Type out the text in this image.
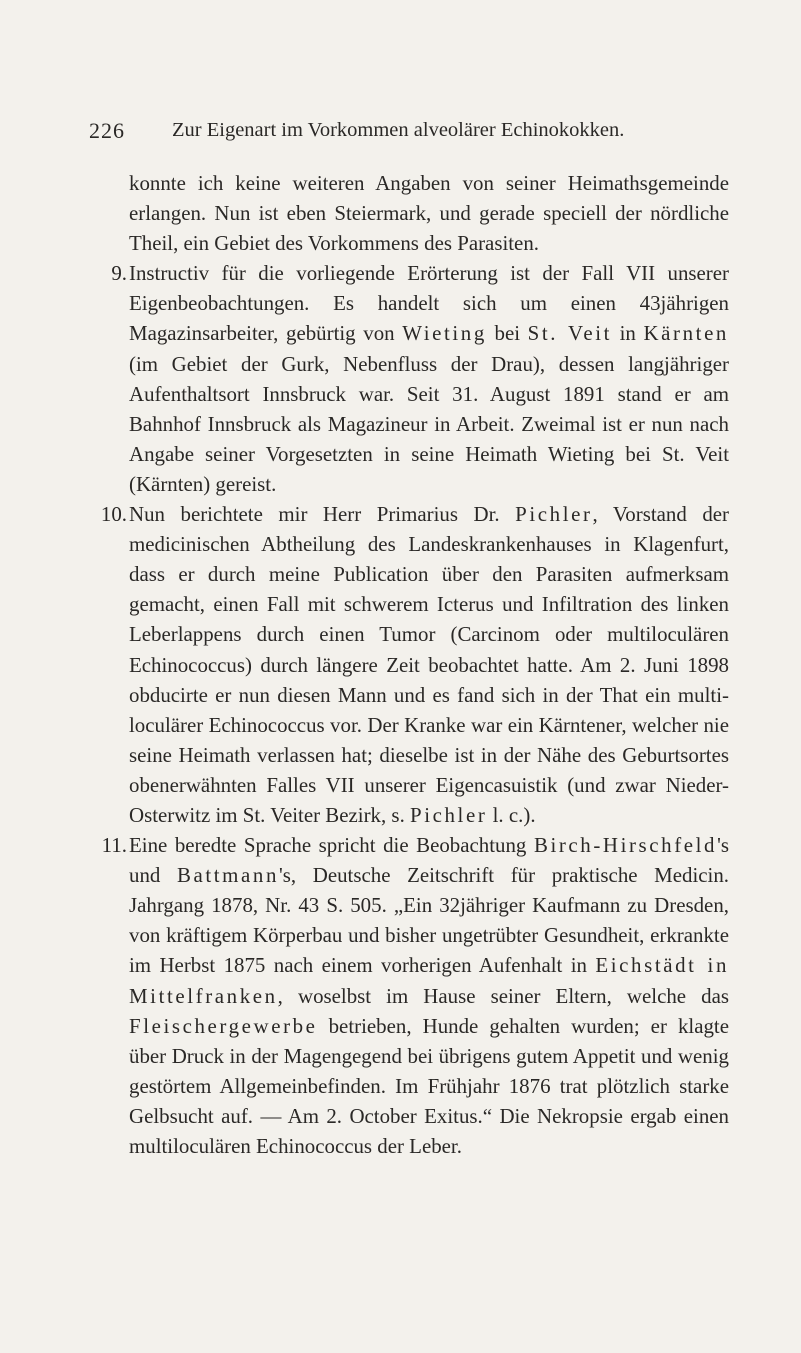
226 Zur Eigenart im Vorkommen alveolärer Echinokokken.

konnte ich keine weiteren Angaben von seiner Heimathsgemeinde erlangen. Nun ist eben Steiermark, und gerade speciell der nördliche Theil, ein Gebiet des Vorkommens des Parasiten.

9. Instructiv für die vorliegende Erörterung ist der Fall VII unserer Eigenbeobachtungen. Es handelt sich um einen 43jährigen Magazinsarbeiter, gebürtig von Wieting bei St. Veit in Kärnten (im Gebiet der Gurk, Nebenfluss der Drau), dessen langjähriger Aufenthaltsort Innsbruck war. Seit 31. August 1891 stand er am Bahnhof Innsbruck als Magazineur in Arbeit. Zweimal ist er nun nach Angabe seiner Vorgesetzten in seine Heimath Wieting bei St. Veit (Kärnten) gereist.

10. Nun berichtete mir Herr Primarius Dr. Pichler, Vorstand der medicinischen Abtheilung des Landeskrankenhauses in Klagenfurt, dass er durch meine Publication über den Parasiten aufmerksam gemacht, einen Fall mit schwerem Icterus und Infiltration des linken Leberlappens durch einen Tumor (Carcinom oder multiloculären Echinococcus) durch längere Zeit beobachtet hatte. Am 2. Juni 1898 obducirte er nun diesen Mann und es fand sich in der That ein multiloculärer Echinococcus vor. Der Kranke war ein Kärntener, welcher nie seine Heimath verlassen hat; dieselbe ist in der Nähe des Geburtsortes obenerwähnten Falles VII unserer Eigencasuistik (und zwar Nieder-Osterwitz im St. Veiter Bezirk, s. Pichler l. c.).

11. Eine beredte Sprache spricht die Beobachtung Birch-Hirschfeld's und Battmann's, Deutsche Zeitschrift für praktische Medicin. Jahrgang 1878, Nr. 43 S. 505. „Ein 32jähriger Kaufmann zu Dresden, von kräftigem Körperbau und bisher ungetrübter Gesundheit, erkrankte im Herbst 1875 nach einem vorherigen Aufenhalt in Eichstädt in Mittelfranken, woselbst im Hause seiner Eltern, welche das Fleischergewerbe betrieben, Hunde gehalten wurden; er klagte über Druck in der Magengegend bei übrigens gutem Appetit und wenig gestörtem Allgemeinbefinden. Im Frühjahr 1876 trat plötzlich starke Gelbsucht auf. — Am 2. October Exitus.“ Die Nekropsie ergab einen multiloculären Echinococcus der Leber.
